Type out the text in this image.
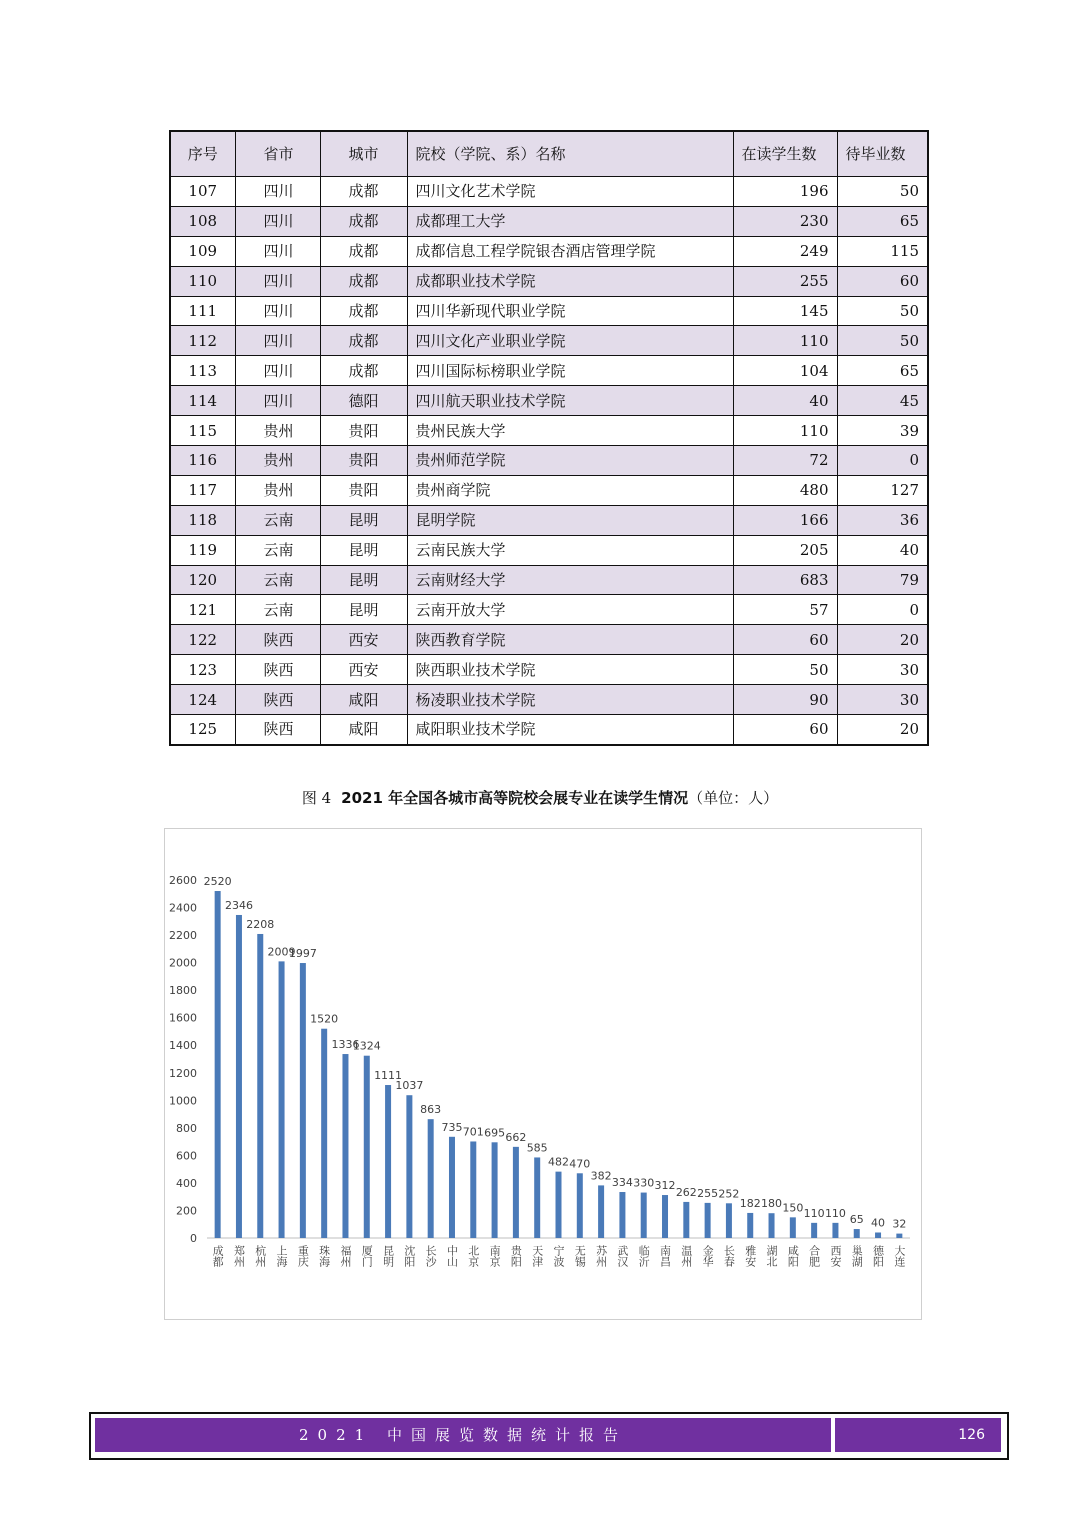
序号	省市	城市	院校（学院、系）名称	在读学生数	待毕业数
107	四川	成都	四川文化艺术学院	196	50
108	四川	成都	成都理工大学	230	65
109	四川	成都	成都信息工程学院银杏酒店管理学院	249	115
110	四川	成都	成都职业技术学院	255	60
111	四川	成都	四川华新现代职业学院	145	50
112	四川	成都	四川文化产业职业学院	110	50
113	四川	成都	四川国际标榜职业学院	104	65
114	四川	德阳	四川航天职业技术学院	40	45
115	贵州	贵阳	贵州民族大学	110	39
116	贵州	贵阳	贵州师范学院	72	0
117	贵州	贵阳	贵州商学院	480	127
118	云南	昆明	昆明学院	166	36
119	云南	昆明	云南民族大学	205	40
120	云南	昆明	云南财经大学	683	79
121	云南	昆明	云南开放大学	57	0
122	陕西	西安	陕西教育学院	60	20
123	陕西	西安	陕西职业技术学院	50	30
124	陕西	咸阳	杨凌职业技术学院	90	30
125	陕西	咸阳	咸阳职业技术学院	60	20
图 4 2021 年全国各城市高等院校会展专业在读学生情况（单位：人）
0
200
400
600
800
1000
1200
1400
1600
1800
2000
2200
2400
2600 2520
成都
2346
郑州
2208
杭州
2009
上海
1997
重庆
1520
珠海
1336
福州
1324
厦门
1111
昆明
1037
沈阳
863
长沙
735
中山
701
北京
695
南京
662
贵阳
585
天津
482
宁波
470
无锡
382
苏州
334
武汉
330
临沂
312
南昌
262
温州
255
金华
252
长春
182
雅安
180
湖北
150
咸阳
110
合肥
110
西安
65
巢湖
40
德阳
32
大连
2021 中国展览数据统计报告	126
